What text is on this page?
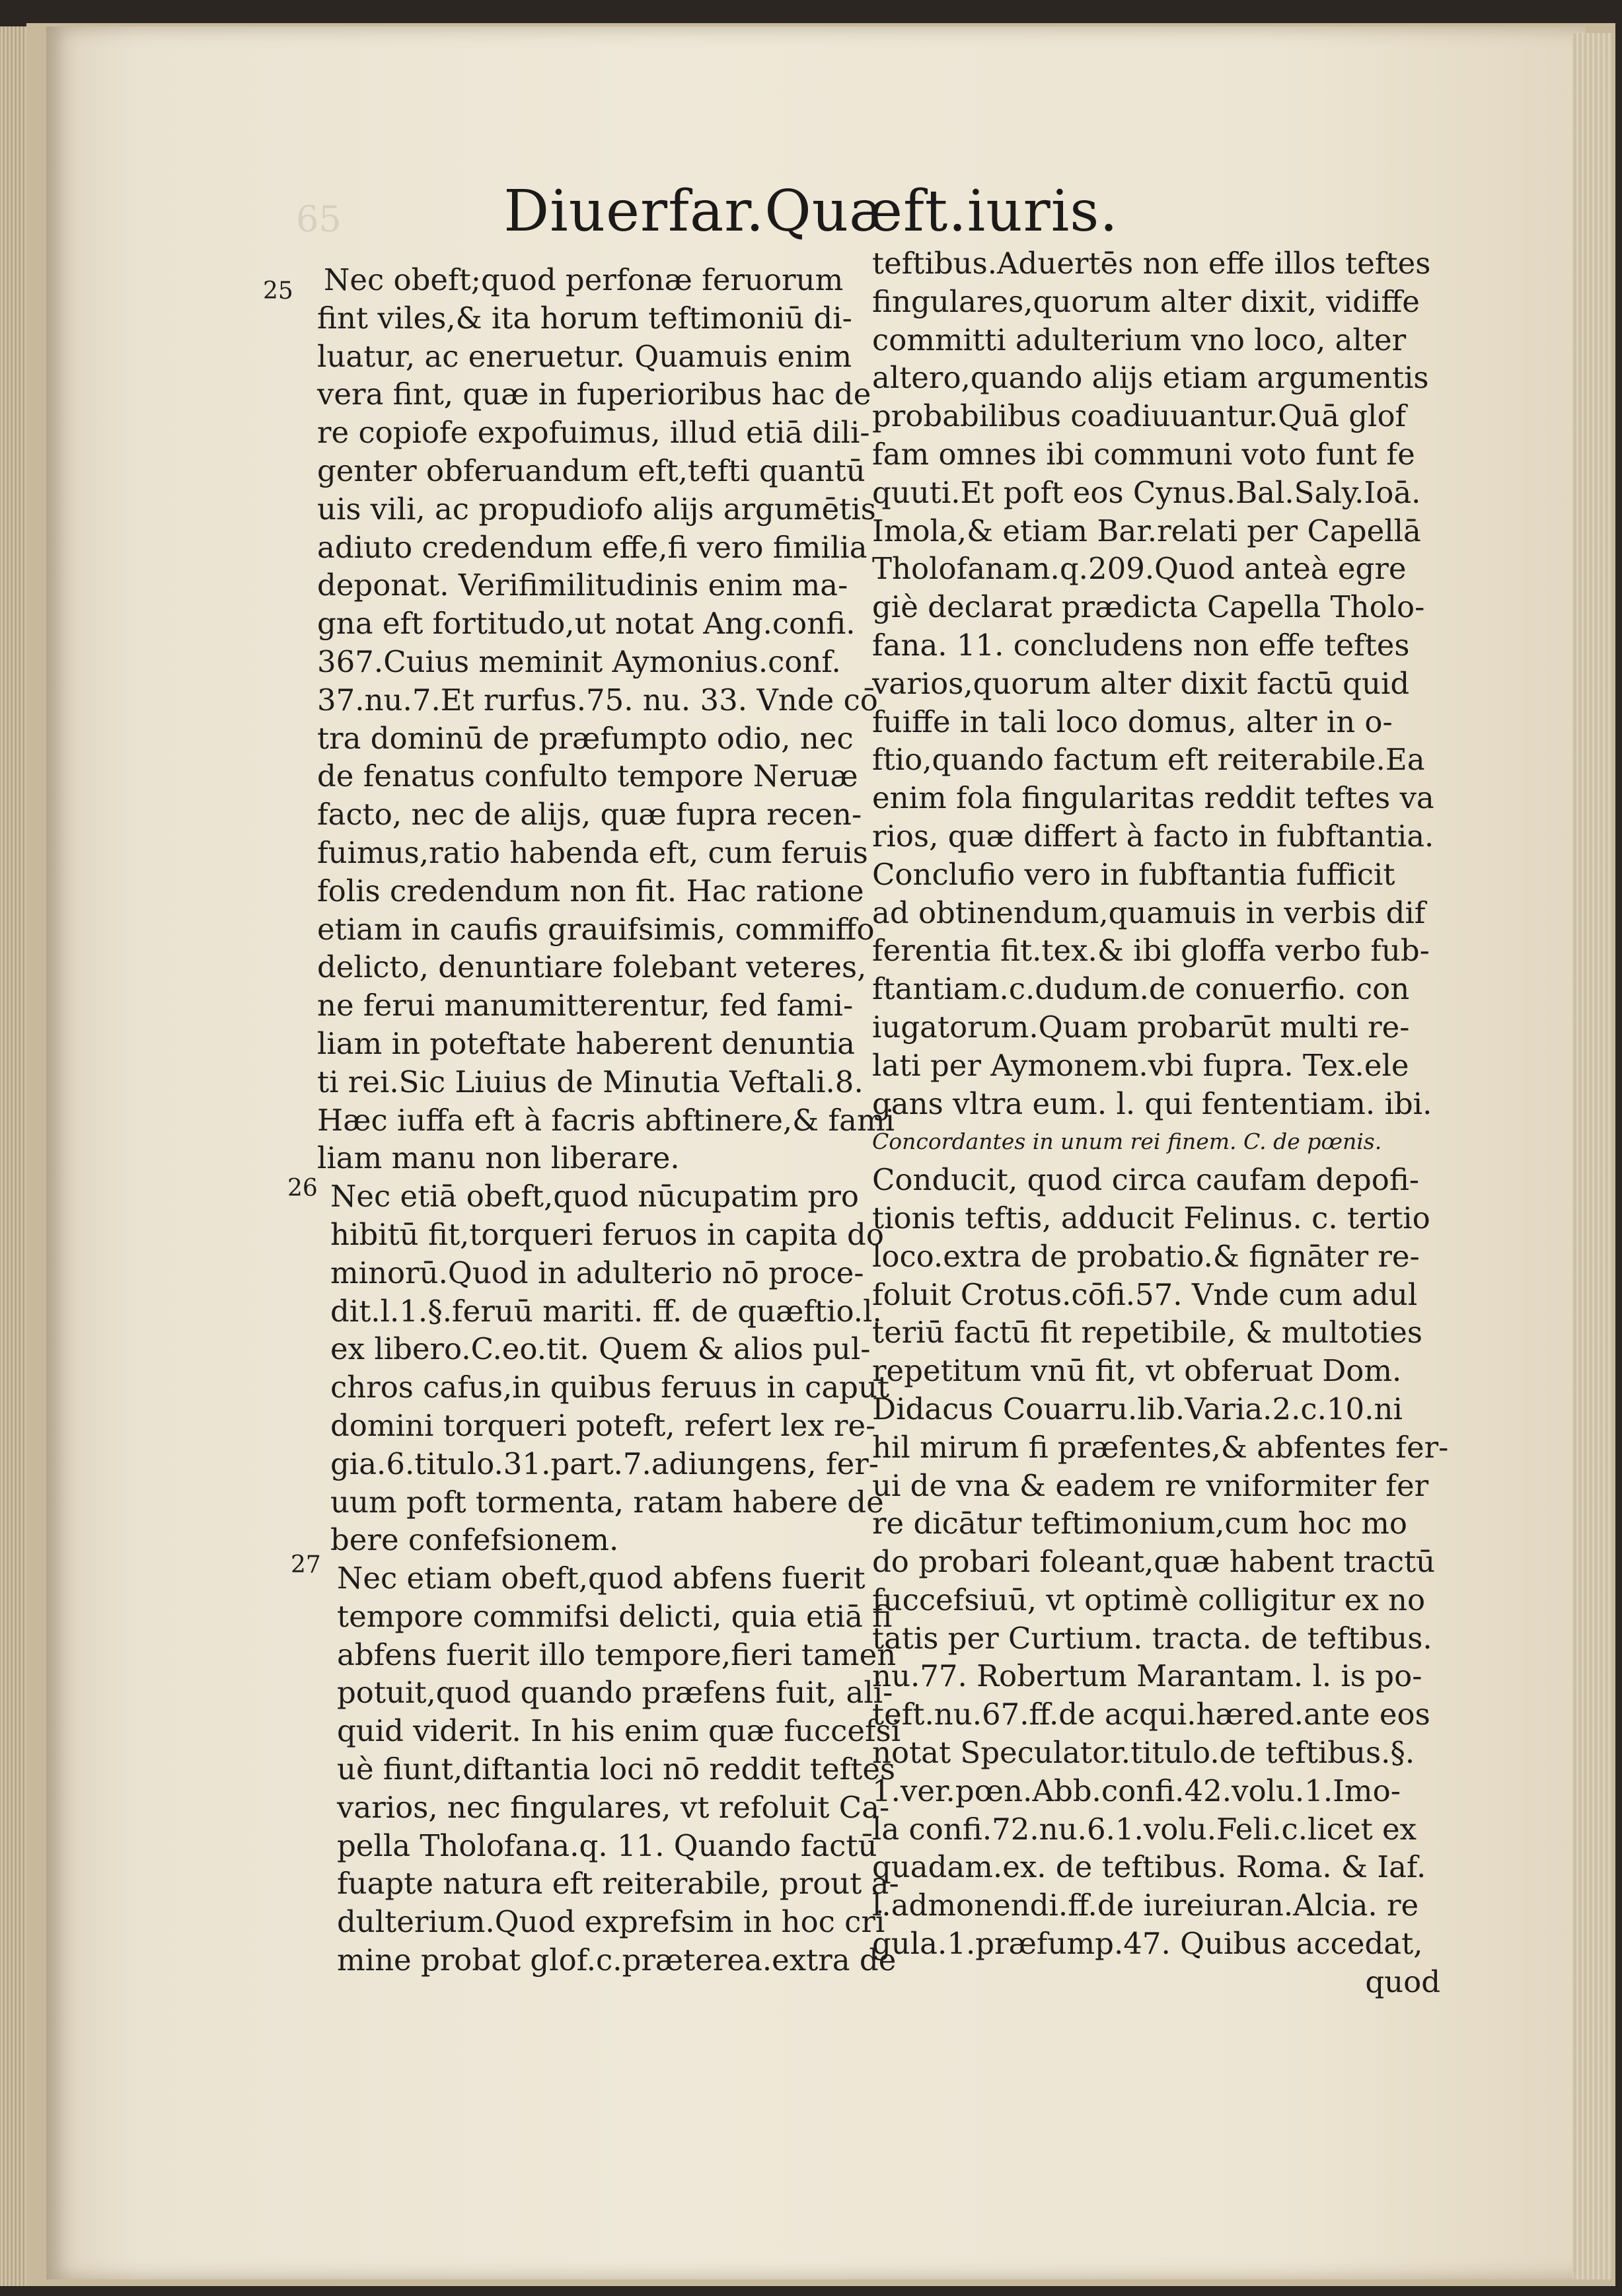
65	Diuerfar.Quæft.iuris.
25
26
27
Nec obeft;quod perfonæ feruorum
fint viles,& ita horum teftimoniū di-
luatur, ac eneruetur. Quamuis enim
vera fint, quæ in fuperioribus hac de
re copiofe expofuimus, illud etiā dili-
genter obferuandum eft,tefti quantū
uis vili, ac propudiofo alijs argumētis
adiuto credendum effe,fi vero fimilia
deponat. Verifimilitudinis enim ma-
gna eft fortitudo,ut notat Ang.confi.
367.Cuius meminit Aymonius.conf.
37.nu.7.Et rurfus.75. nu. 33. Vnde cō
tra dominū de præfumpto odio, nec
de fenatus confulto tempore Neruæ
facto, nec de alijs, quæ fupra recen-
fuimus,ratio habenda eft, cum feruis
folis credendum non fit. Hac ratione
etiam in caufis grauifsimis, commiffo
delicto, denuntiare folebant veteres,
ne ferui manumitterentur, fed fami-
liam in poteftate haberent denuntia
ti rei.Sic Liuius de Minutia Veftali.8.
Hæc iuffa eft à facris abftinere,& fami
liam manu non liberare.
Nec etiā obeft,quod nūcupatim pro
hibitū fit,torqueri feruos in capita do
minorū.Quod in adulterio nō proce-
dit.l.1.§.feruū mariti. ff. de quæftio.l.
ex libero.C.eo.tit. Quem & alios pul-
chros cafus,in quibus feruus in caput
domini torqueri poteft, refert lex re-
gia.6.titulo.31.part.7.adiungens, fer-
uum poft tormenta, ratam habere de
bere confefsionem.
Nec etiam obeft,quod abfens fuerit
tempore commifsi delicti, quia etiā fi
abfens fuerit illo tempore,fieri tamen
potuit,quod quando præfens fuit, ali-
quid viderit. In his enim quæ fuccefsi
uè fiunt,diftantia loci nō reddit teftes
varios, nec fingulares, vt refoluit Ca-
pella Tholofana.q. 11. Quando factū
fuapte natura eft reiterabile, prout a-
dulterium.Quod exprefsim in hoc cri
mine probat glof.c.præterea.extra de
teftibus.Aduertēs non effe illos teftes
fingulares,quorum alter dixit, vidiffe
committi adulterium vno loco, alter
altero,quando alijs etiam argumentis
probabilibus coadiuuantur.Quā glof
fam omnes ibi communi voto funt fe
quuti.Et poft eos Cynus.Bal.Saly.Ioā.
Imola,& etiam Bar.relati per Capellā
Tholofanam.q.209.Quod anteà egre
giè declarat prædicta Capella Tholo-
fana. 11. concludens non effe teftes
varios,quorum alter dixit factū quid
fuiffe in tali loco domus, alter in o-
ftio,quando factum eft reiterabile.Ea
enim fola fingularitas reddit teftes va
rios, quæ differt à facto in fubftantia.
Conclufio vero in fubftantia fufficit
ad obtinendum,quamuis in verbis dif
ferentia fit.tex.& ibi gloffa verbo fub-
ftantiam.c.dudum.de conuerfio. con
iugatorum.Quam probarūt multi re-
lati per Aymonem.vbi fupra. Tex.ele
gans vltra eum. l. qui fententiam. ibi.
Concordantes in unum rei finem. C. de pœnis.
Conducit, quod circa caufam depofi-
tionis teftis, adducit Felinus. c. tertio
loco.extra de probatio.& fignāter re-
foluit Crotus.cōfi.57. Vnde cum adul
teriū factū fit repetibile, & multoties
repetitum vnū fit, vt obferuat Dom.
Didacus Couarru.lib.Varia.2.c.10.ni
hil mirum fi præfentes,& abfentes fer-
ui de vna & eadem re vniformiter fer
re dicātur teftimonium,cum hoc mo
do probari foleant,quæ habent tractū
fuccefsiuū, vt optimè colligitur ex no
tatis per Curtium. tracta. de teftibus.
nu.77. Robertum Marantam. l. is po-
teft.nu.67.ff.de acqui.hæred.ante eos
notat Speculator.titulo.de teftibus.§.
1.ver.pœn.Abb.confi.42.volu.1.Imo-
la confi.72.nu.6.1.volu.Feli.c.licet ex
quadam.ex. de teftibus. Roma. & Iaf.
l.admonendi.ff.de iureiuran.Alcia. re
gula.1.præfump.47. Quibus accedat,
quod
